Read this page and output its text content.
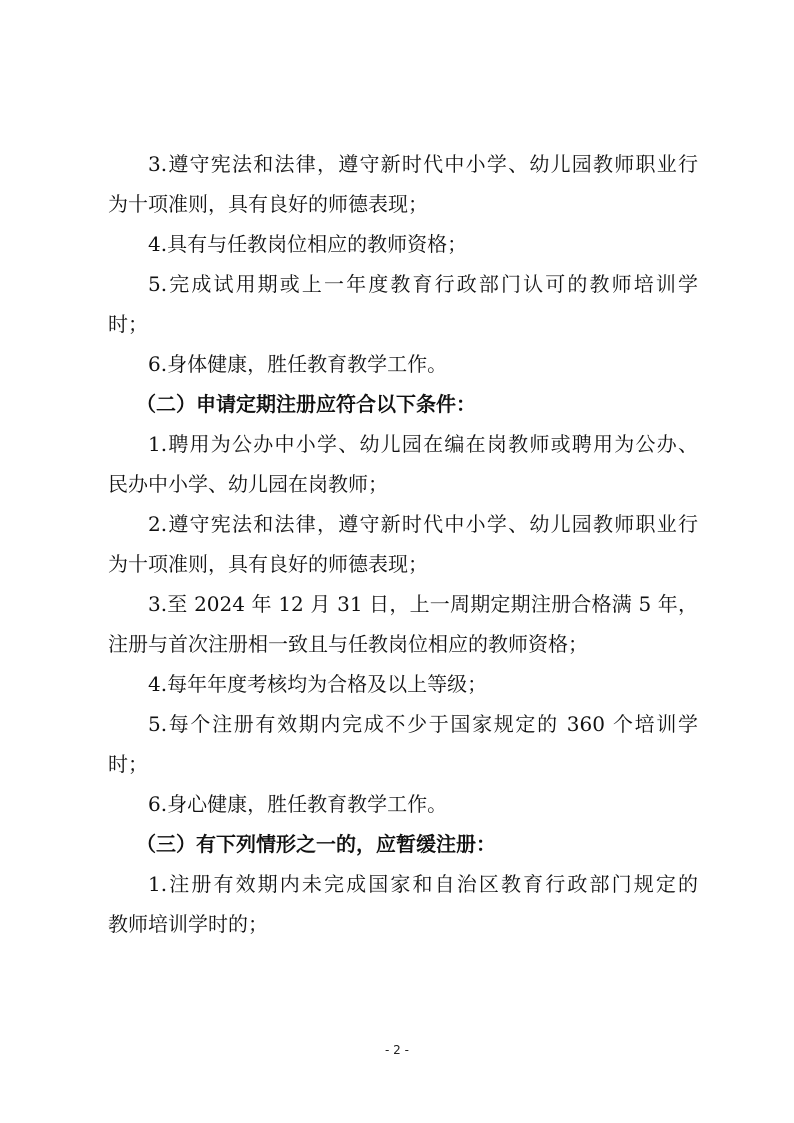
3.遵守宪法和法律，遵守新时代中小学、幼儿园教师职业行
为十项准则，具有良好的师德表现；
4.具有与任教岗位相应的教师资格；
5.完成试用期或上一年度教育行政部门认可的教师培训学
时；
6.身体健康，胜任教育教学工作。
（二）申请定期注册应符合以下条件：
1.聘用为公办中小学、幼儿园在编在岗教师或聘用为公办、
民办中小学、幼儿园在岗教师；
2.遵守宪法和法律，遵守新时代中小学、幼儿园教师职业行
为十项准则，具有良好的师德表现；
3.至 2024 年 12 月 31 日，上一周期定期注册合格满 5 年，
注册与首次注册相一致且与任教岗位相应的教师资格；
4.每年年度考核均为合格及以上等级；
5.每个注册有效期内完成不少于国家规定的 360 个培训学
时；
6.身心健康，胜任教育教学工作。
（三）有下列情形之一的，应暂缓注册：
1.注册有效期内未完成国家和自治区教育行政部门规定的
教师培训学时的；
- 2 -
